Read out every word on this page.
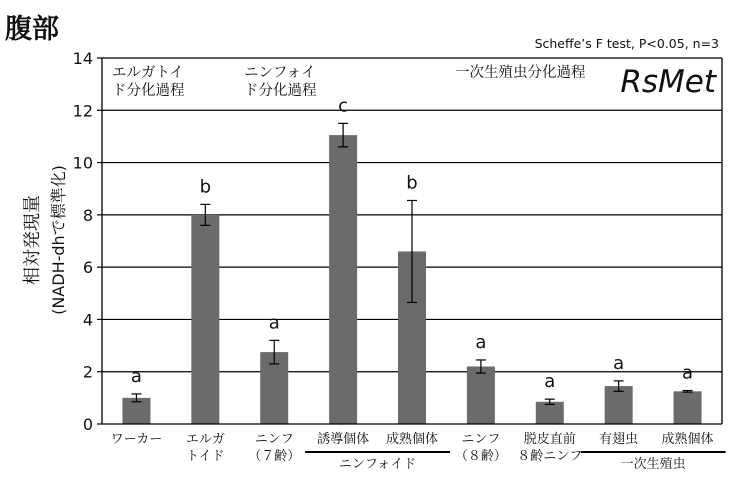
腹部	Scheffe’s F test, P<0.05, n=3
a
b
a
c
b
a
a
a	a
0
2
4
6
8
10
12
14
ワーカー エルガ
トイド
ニンフ
（７齢）
誘導個体 成熟個体 ニンフ
（８齢）
脱皮直前
８齢ニンフ
有翅虫 成熟個体
ニンフォイド	一次生殖虫
エルガトイ
ド分化過程
ニンフォイ
ド分化過程
一次生殖虫分化過程 RsMet
相対発現量 (NADH-dhで標準化)
